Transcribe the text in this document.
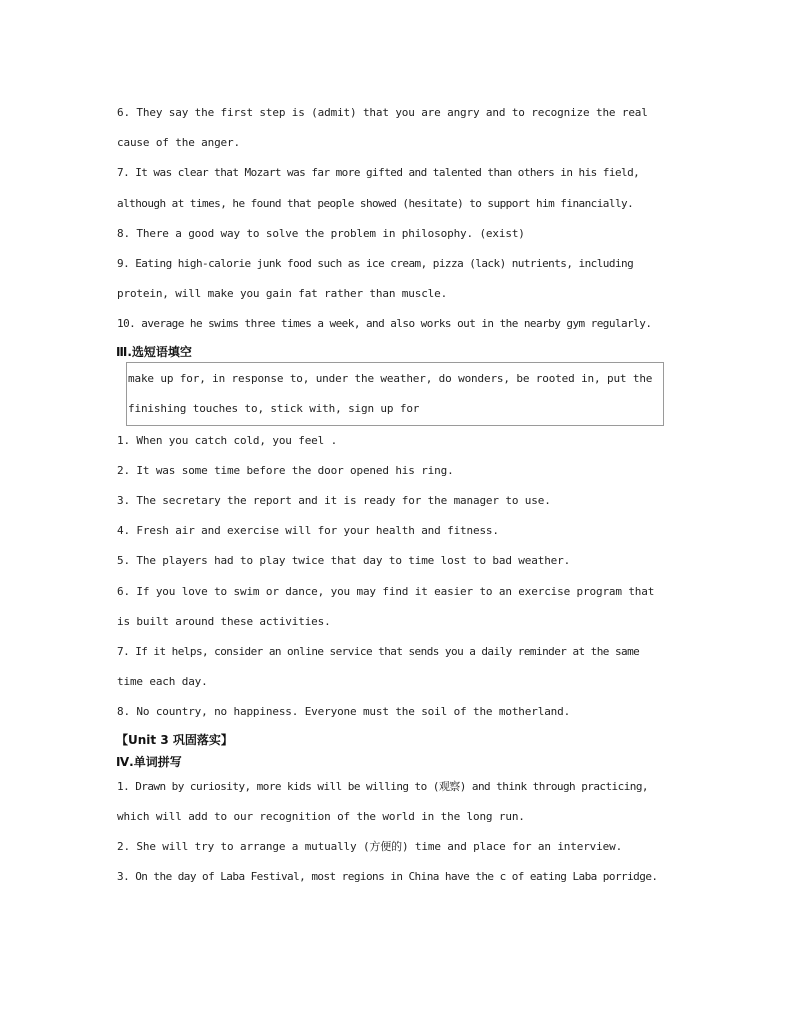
6. They say the first step is (admit) that you are angry and to recognize the real
cause of the anger.
7. It was clear that Mozart was far more gifted and talented than others in his field,
although at times, he found that people showed (hesitate) to support him financially.
8. There a good way to solve the problem in philosophy. (exist)
9. Eating high-calorie junk food such as ice cream, pizza (lack) nutrients, including
protein, will make you gain fat rather than muscle.
10. average he swims three times a week, and also works out in the nearby gym regularly.
Ⅲ.选短语填空
make up for, in response to, under the weather, do wonders, be rooted in, put the
finishing touches to, stick with, sign up for
1. When you catch cold, you feel .
2. It was some time before the door opened his ring.
3. The secretary the report and it is ready for the manager to use.
4. Fresh air and exercise will for your health and fitness.
5. The players had to play twice that day to time lost to bad weather.
6. If you love to swim or dance, you may find it easier to an exercise program that
is built around these activities.
7. If it helps, consider an online service that sends you a daily reminder at the same
time each day.
8. No country, no happiness. Everyone must the soil of the motherland.
【Unit 3 巩固落实】
Ⅳ.单词拼写
1. Drawn by curiosity, more kids will be willing to (观察) and think through practicing,
which will add to our recognition of the world in the long run.
2. She will try to arrange a mutually (方便的) time and place for an interview.
3. On the day of Laba Festival, most regions in China have the c of eating Laba porridge.
